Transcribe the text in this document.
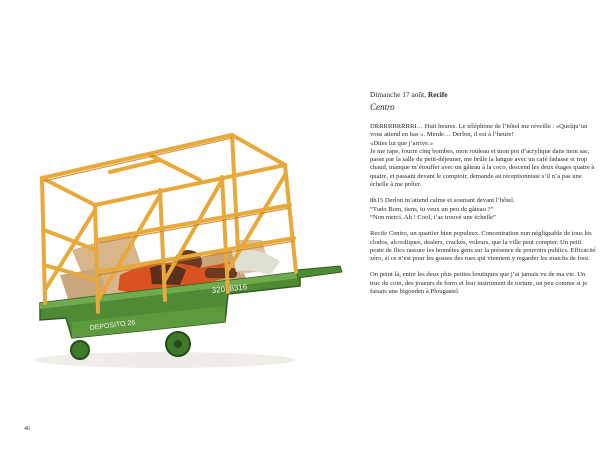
32018316
DEPOSITO 26

Dimanche 17 août, Recife

Centro

DRRRRRRRRRI… Huit heures. Le téléphone de l’hôtel me réveille : «Quelqu’un vous attend en bas ». Merde… Derlon, il est à l’heure!
«Dites lui que j’arrive.»
Je me rape, fourre cinq bombes, mon rouleau et mon pot d’acrylique dans mon sac, passe par la salle du petit-déjeuner, me brûle la langue avec un café fadasse et trop chaud, manque m’étouffer avec un gâteau à la coco, descend les deux étages quatre à quatre, et passant devant le comptoir, demande au réceptionniste s’il n’a pas une échelle à me prêter.
8h15 Derlon m’attend calme et souriant devant l’hôtel.
“Tudo Bom, tiens, tu veux un peu de gâteau ?”
“Non merci. Ah ! Cool, t’as trouvé une échelle”
Recife Centro, un quartier bien populeux. Concentration non négligeable de tous les clodos, alcooliques, dealers, crackés, voleurs, que la ville peut compter. Un petit poste de flics rassure les honnêtes gens sur la présence de pouvoirs publics. Efficacité zéro, si ce n’est pour les gosses des rues qui viennent y regarder les matchs de foot.
On peint là, entre les deux plus petites boutiques que j’ai jamais vu de ma vie. Un truc du coin, des joueurs de forro et leur instrument de torture, un peu comme si je faisais une bigouden à Plougastel.
46
